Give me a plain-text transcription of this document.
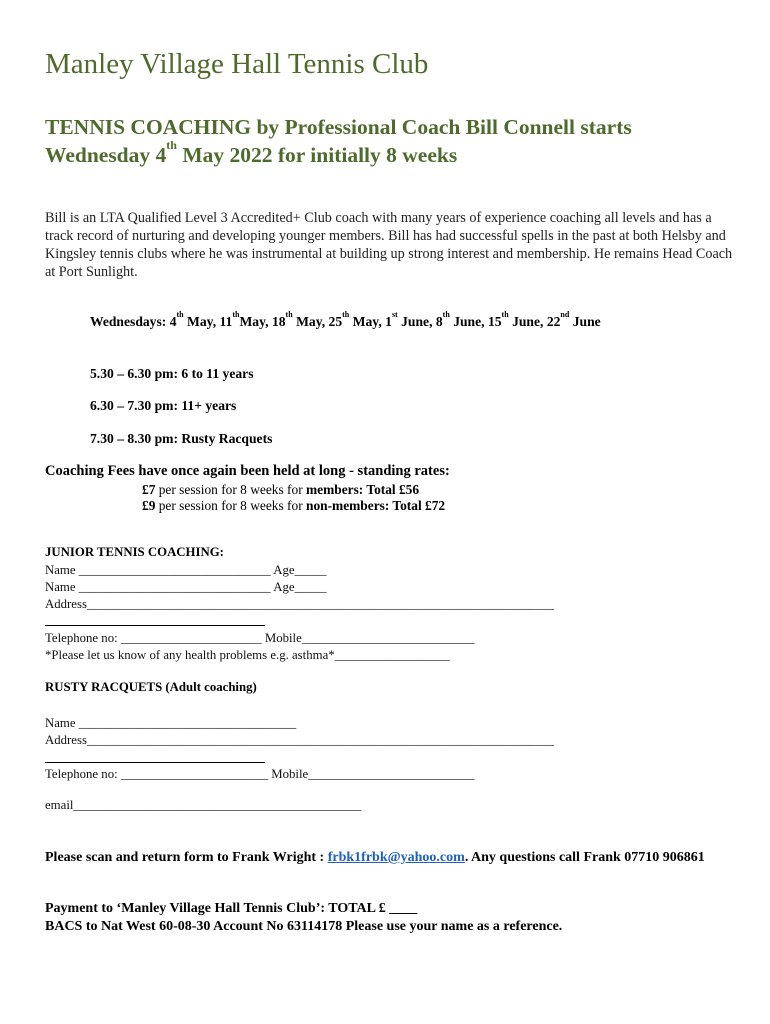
Manley Village Hall Tennis Club
TENNIS COACHING by Professional Coach Bill Connell starts
Wednesday 4th May 2022 for initially 8 weeks
Bill is an LTA Qualified Level 3 Accredited+ Club coach with many years of experience coaching all levels and has a track record of nurturing and developing younger members. Bill has had successful spells in the past at both Helsby and Kingsley tennis clubs where he was instrumental at building up strong interest and membership. He remains Head Coach at Port Sunlight.
Wednesdays: 4th May, 11thMay, 18th May, 25th May, 1st June, 8th June, 15th June, 22nd June
5.30 – 6.30 pm: 6 to 11 years
6.30 – 7.30 pm: 11+ years
7.30 – 8.30 pm: Rusty Racquets
Coaching Fees have once again been held at long - standing rates:
£7 per session for 8 weeks for members: Total £56
£9 per session for 8 weeks for non-members: Total £72
JUNIOR TENNIS COACHING:
Name ______________________________ Age_____
Name ______________________________ Age_____
Address_________________________________________________________________________
Telephone no: ______________________ Mobile___________________________
*Please let us know of any health problems e.g. asthma*__________________
RUSTY RACQUETS (Adult coaching)
Name __________________________________
Address_________________________________________________________________________
Telephone no: _______________________ Mobile__________________________
email_____________________________________________
Please scan and return form to Frank Wright : frbk1frbk@yahoo.com. Any questions call Frank 07710 906861
Payment to ‘Manley Village Hall Tennis Club’: TOTAL £ ____
BACS to Nat West 60-08-30 Account No 63114178 Please use your name as a reference.
